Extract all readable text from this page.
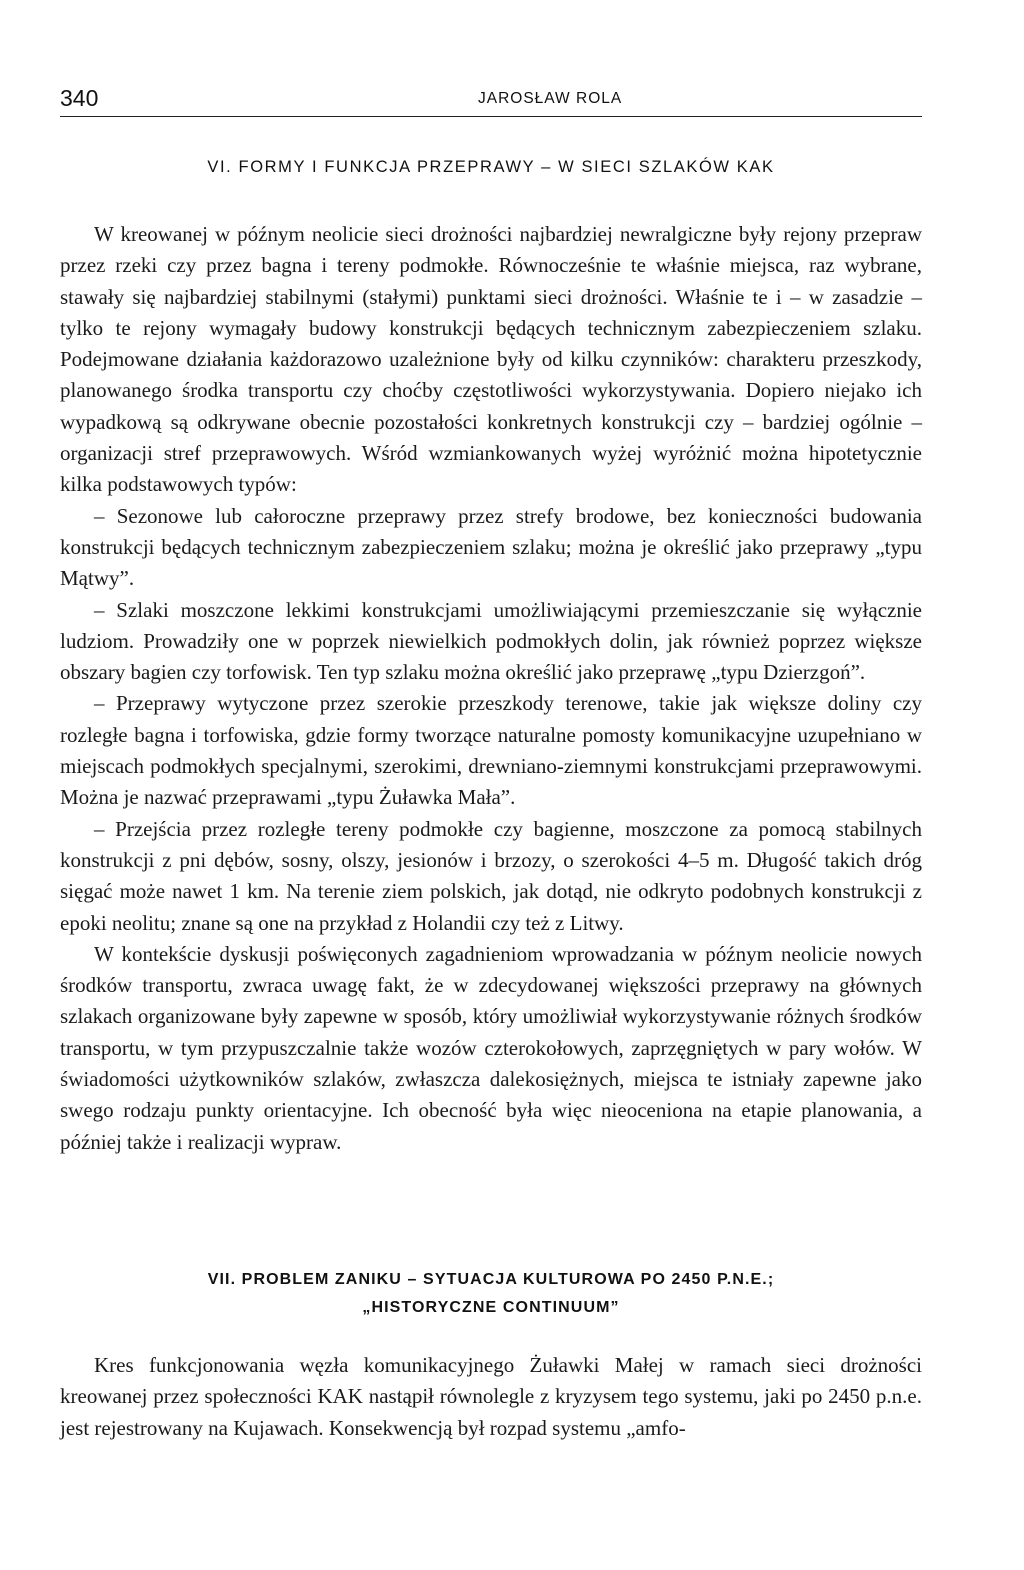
340	JAROSŁAW ROLA
VI. FORMY I FUNKCJA PRZEPRAWY – W SIECI SZLAKÓW KAK

W kreowanej w późnym neolicie sieci drożności najbardziej newralgiczne były rejony przepraw przez rzeki czy przez bagna i tereny podmokłe. Równocześnie te właśnie miejsca, raz wybrane, stawały się najbardziej stabilnymi (stałymi) punktami sieci drożności. Właśnie te i – w zasadzie – tylko te rejony wymagały budowy konstrukcji będących technicznym zabezpieczeniem szlaku. Podejmowane działania każdorazowo uzależnione były od kilku czynników: charakteru przeszkody, planowanego środka transportu czy choćby częstotliwości wykorzystywania. Dopiero niejako ich wypadkową są odkrywane obecnie pozostałości konkretnych konstrukcji czy – bardziej ogólnie – organizacji stref przeprawowych. Wśród wzmiankowanych wyżej wyróżnić można hipotetycznie kilka podstawowych typów:

– Sezonowe lub całoroczne przeprawy przez strefy brodowe, bez konieczności budowania konstrukcji będących technicznym zabezpieczeniem szlaku; można je określić jako przeprawy „typu Mątwy”.

– Szlaki moszczone lekkimi konstrukcjami umożliwiającymi przemieszczanie się wyłącznie ludziom. Prowadziły one w poprzek niewielkich podmokłych dolin, jak również poprzez większe obszary bagien czy torfowisk. Ten typ szlaku można określić jako przeprawę „typu Dzierzgoń”.

– Przeprawy wytyczone przez szerokie przeszkody terenowe, takie jak większe doliny czy rozległe bagna i torfowiska, gdzie formy tworzące naturalne pomosty komunikacyjne uzupełniano w miejscach podmokłych specjalnymi, szerokimi, drewniano-ziemnymi konstrukcjami przeprawowymi. Można je nazwać przeprawami „typu Żuławka Mała”.

– Przejścia przez rozległe tereny podmokłe czy bagienne, moszczone za pomocą stabilnych konstrukcji z pni dębów, sosny, olszy, jesionów i brzozy, o szerokości 4–5 m. Długość takich dróg sięgać może nawet 1 km. Na terenie ziem polskich, jak dotąd, nie odkryto podobnych konstrukcji z epoki neolitu; znane są one na przykład z Holandii czy też z Litwy.

W kontekście dyskusji poświęconych zagadnieniom wprowadzania w późnym neolicie nowych środków transportu, zwraca uwagę fakt, że w zdecydowanej większości przeprawy na głównych szlakach organizowane były zapewne w sposób, który umożliwiał wykorzystywanie różnych środków transportu, w tym przypuszczalnie także wozów czterokołowych, zaprzęgniętych w pary wołów. W świadomości użytkowników szlaków, zwłaszcza dalekosiężnych, miejsca te istniały zapewne jako swego rodzaju punkty orientacyjne. Ich obecność była więc nieoceniona na etapie planowania, a później także i realizacji wypraw.

VII. PROBLEM ZANIKU – SYTUACJA KULTUROWA PO 2450 P.N.E.;
„HISTORYCZNE CONTINUUM”

Kres funkcjonowania węzła komunikacyjnego Żuławki Małej w ramach sieci drożności kreowanej przez społeczności KAK nastąpił równolegle z kryzysem tego systemu, jaki po 2450 p.n.e. jest rejestrowany na Kujawach. Konsekwencją był rozpad systemu „amfo-
